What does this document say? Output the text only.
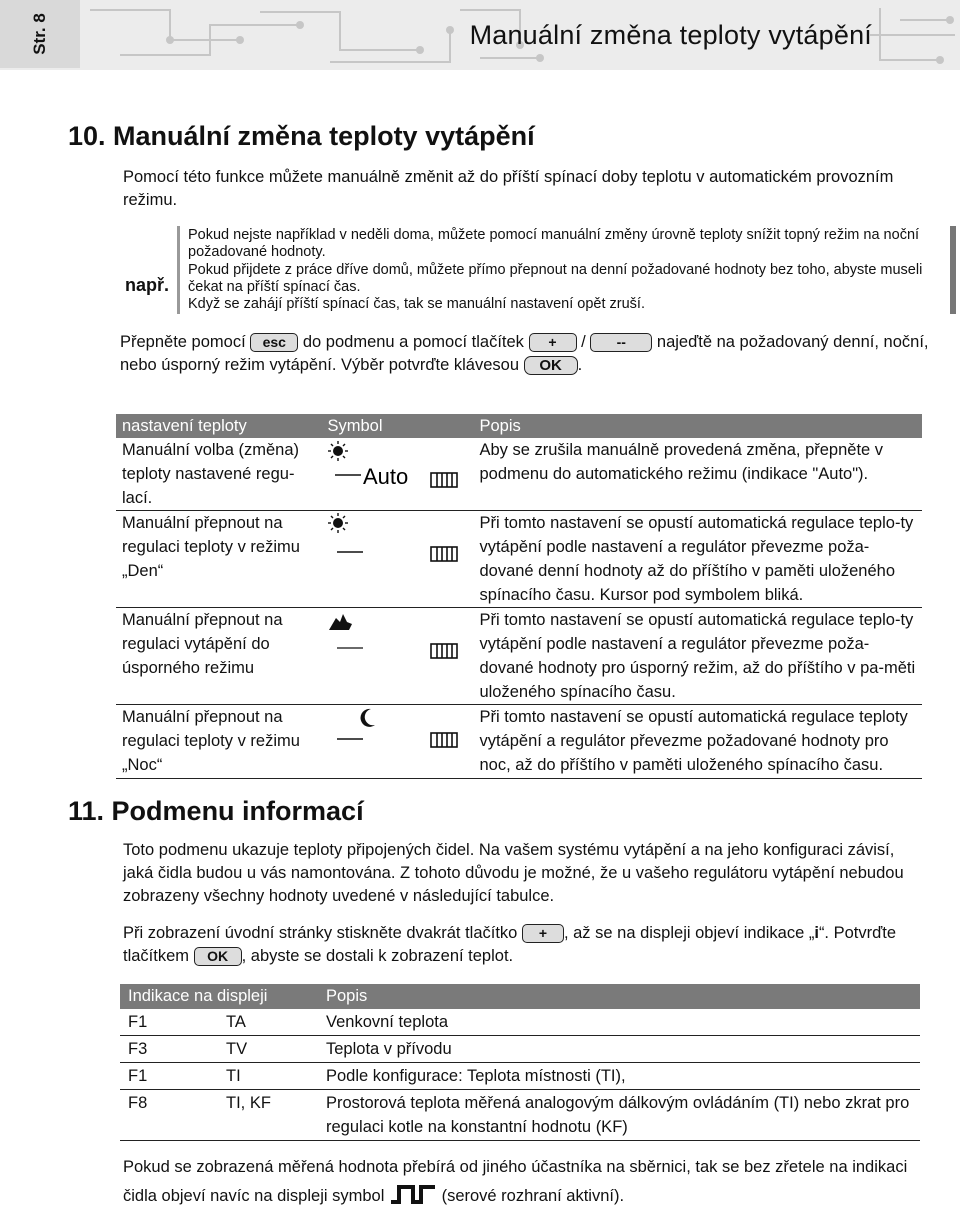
Str. 8	Manuální změna teploty vytápění
10. Manuální změna teploty vytápění
Pomocí této funkce můžete manuálně změnit až do příští spínací doby teplotu v automatickém provozním režimu.
např.
Pokud nejste například v neděli doma, můžete pomocí manuální změny úrovně teploty snížit topný režim na noční požadované hodnoty.
Pokud přijdete z práce dříve domů, můžete přímo přepnout na denní požadované hodnoty bez toho, abyste museli čekat na příští spínací čas.
Když se zahájí příští spínací čas, tak se manuální nastavení opět zruší.
Přepněte pomocí esc do podmenu a pomocí tlačítek + / -- najeďtě na požadovaný denní, noční,
nebo úsporný režim vytápění. Výběr potvrďte klávesou OK .
nastavení teploty	Symbol	Popis
Manuální volba (změna) teploty nastavené regu-lací.	Auto	Aby se zrušila manuálně provedená změna, přepněte v podmenu do automatického režimu (indikace "Auto").
Manuální přepnout na regulaci teploty v režimu „Den“		Při tomto nastavení se opustí automatická regulace teplo-ty vytápění podle nastavení a regulátor převezme poža-dované denní hodnoty až do příštího v paměti uloženého spínacího času. Kursor pod symbolem bliká.
Manuální přepnout na regulaci vytápění do úsporného režimu		Při tomto nastavení se opustí automatická regulace teplo-ty vytápění podle nastavení a regulátor převezme poža-dované hodnoty pro úsporný režim, až do příštího v pa-měti uloženého spínacího času.
Manuální přepnout na regulaci teploty v režimu „Noc“		Při tomto nastavení se opustí automatická regulace teploty vytápění a regulátor převezme požadované hodnoty pro noc, až do příštího v paměti uloženého spínacího času.
11. Podmenu informací
Toto podmenu ukazuje teploty připojených čidel. Na vašem systému vytápění a na jeho konfiguraci závisí, jaká čidla budou u vás namontována. Z tohoto důvodu je možné, že u vašeho regulátoru vytápění nebudou zobrazeny všechny hodnoty uvedené v následující tabulce.
Při zobrazení úvodní stránky stiskněte dvakrát tlačítko + , až se na displeji objeví indikace „i“. Potvrďte
tlačítkem OK , abyste se dostali k zobrazení teplot.
Indikace na displeji		Popis
F1	TA	Venkovní teplota
F3	TV	Teplota v přívodu
F1	TI	Podle konfigurace: Teplota místnosti (TI),
F8	TI, KF	Prostorová teplota měřená analogovým dálkovým ovládáním (TI) nebo zkrat pro regulaci kotle na konstantní hodnotu (KF)
Pokud se zobrazená měřená hodnota přebírá od jiného účastníka na sběrnici, tak se bez zřetele na indikaci
čidla objeví navíc na displeji symbol	(serové rozhraní aktivní).
